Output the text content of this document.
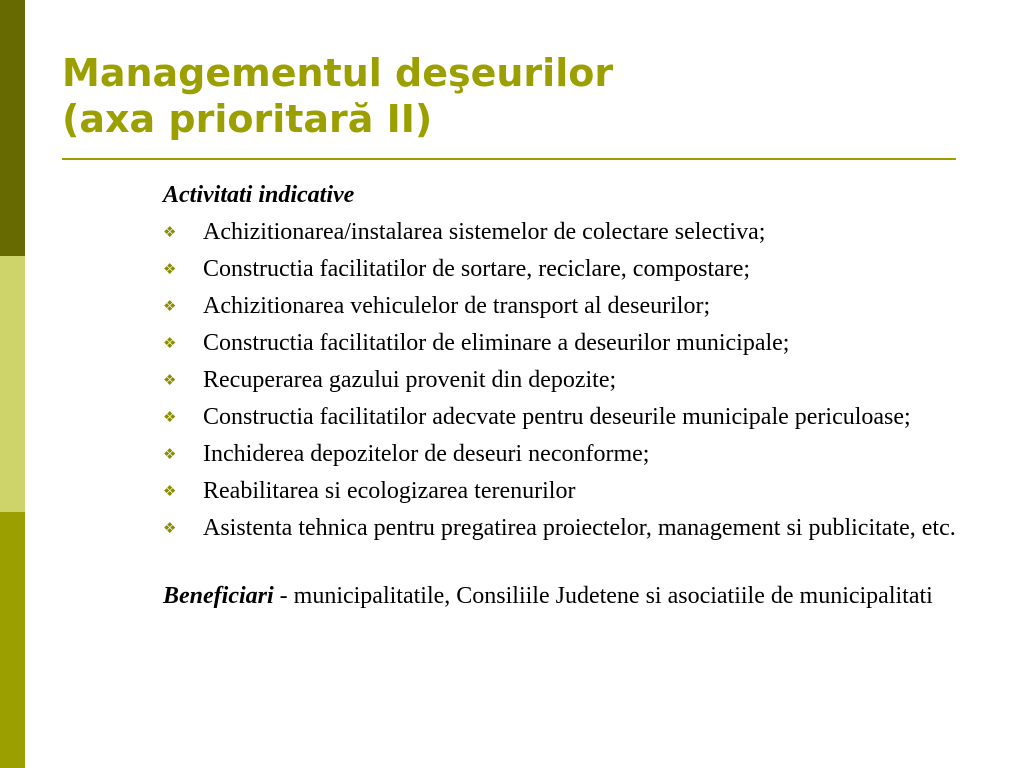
Managementul deşeurilor
(axa prioritară II)
Activitati indicative
❖ Achizitionarea/instalarea sistemelor de colectare selectiva;
❖ Constructia facilitatilor de sortare, reciclare, compostare;
❖ Achizitionarea vehiculelor de transport al deseurilor;
❖ Constructia facilitatilor de eliminare a deseurilor municipale;
❖ Recuperarea gazului provenit din depozite;
❖ Constructia facilitatilor adecvate pentru deseurile municipale periculoase;
❖ Inchiderea depozitelor de deseuri neconforme;
❖ Reabilitarea si ecologizarea terenurilor
❖ Asistenta tehnica pentru pregatirea proiectelor, management si publicitate, etc.
Beneficiari - municipalitatile, Consiliile Judetene si asociatiile de municipalitati
